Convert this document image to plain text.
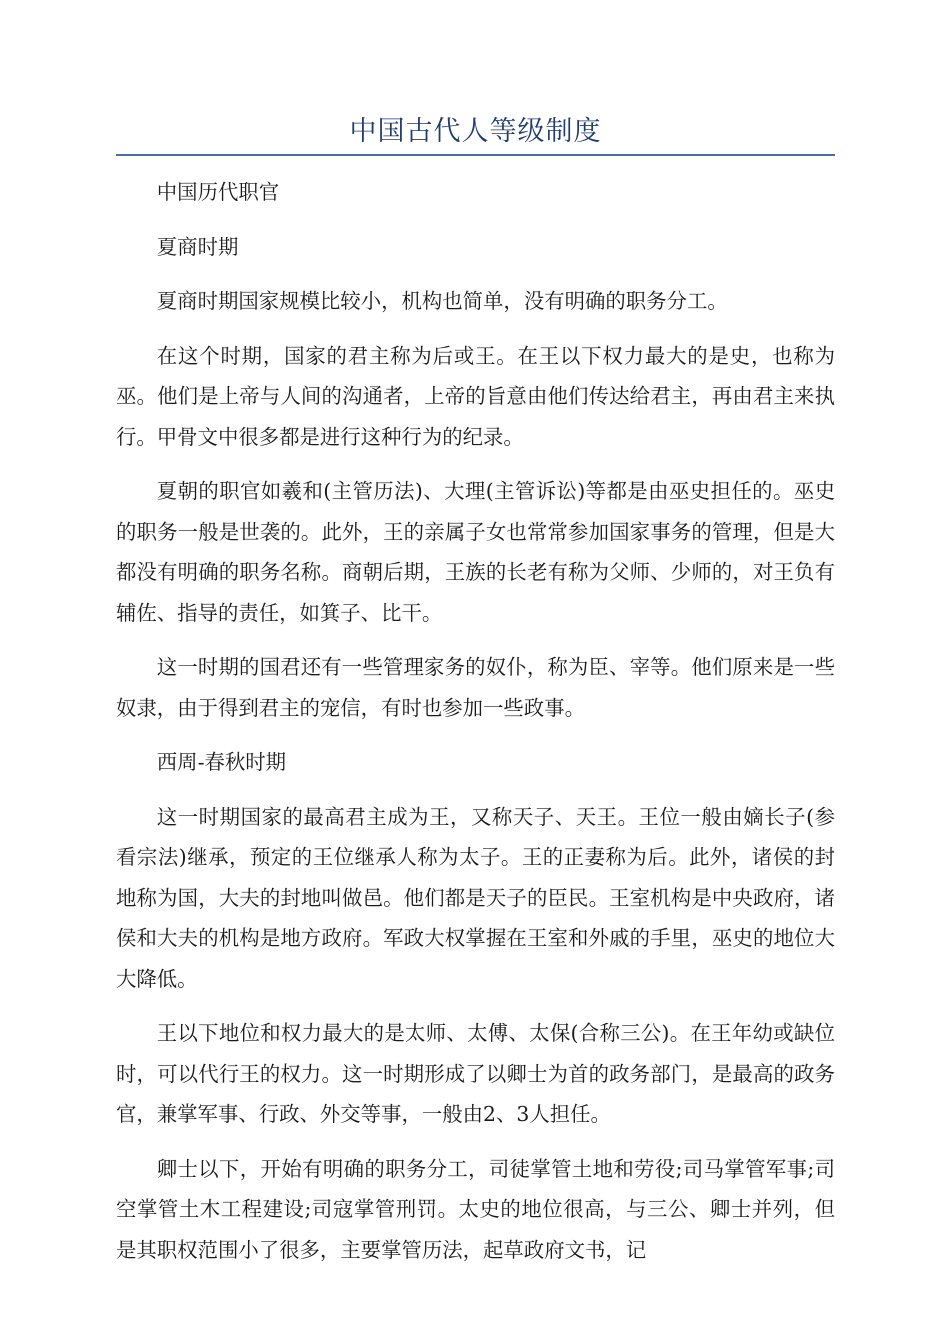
中国古代人等级制度

中国历代职官

夏商时期

夏商时期国家规模比较小，机构也简单，没有明确的职务分工。

在这个时期，国家的君主称为后或王。在王以下权力最大的是史，也称为巫。他们是上帝与人间的沟通者，上帝的旨意由他们传达给君主，再由君主来执行。甲骨文中很多都是进行这种行为的纪录。

夏朝的职官如羲和(主管历法)、大理(主管诉讼)等都是由巫史担任的。巫史的职务一般是世袭的。此外，王的亲属子女也常常参加国家事务的管理，但是大都没有明确的职务名称。商朝后期，王族的长老有称为父师、少师的，对王负有辅佐、指导的责任，如箕子、比干。

这一时期的国君还有一些管理家务的奴仆，称为臣、宰等。他们原来是一些奴隶，由于得到君主的宠信，有时也参加一些政事。

西周-春秋时期

这一时期国家的最高君主成为王，又称天子、天王。王位一般由嫡长子(参看宗法)继承，预定的王位继承人称为太子。王的正妻称为后。此外，诸侯的封地称为国，大夫的封地叫做邑。他们都是天子的臣民。王室机构是中央政府，诸侯和大夫的机构是地方政府。军政大权掌握在王室和外戚的手里，巫史的地位大大降低。

王以下地位和权力最大的是太师、太傅、太保(合称三公)。在王年幼或缺位时，可以代行王的权力。这一时期形成了以卿士为首的政务部门，是最高的政务官，兼掌军事、行政、外交等事，一般由2、3人担任。

卿士以下，开始有明确的职务分工，司徒掌管土地和劳役;司马掌管军事;司空掌管土木工程建设;司寇掌管刑罚。太史的地位很高，与三公、卿士并列，但是其职权范围小了很多，主要掌管历法，起草政府文书，记
